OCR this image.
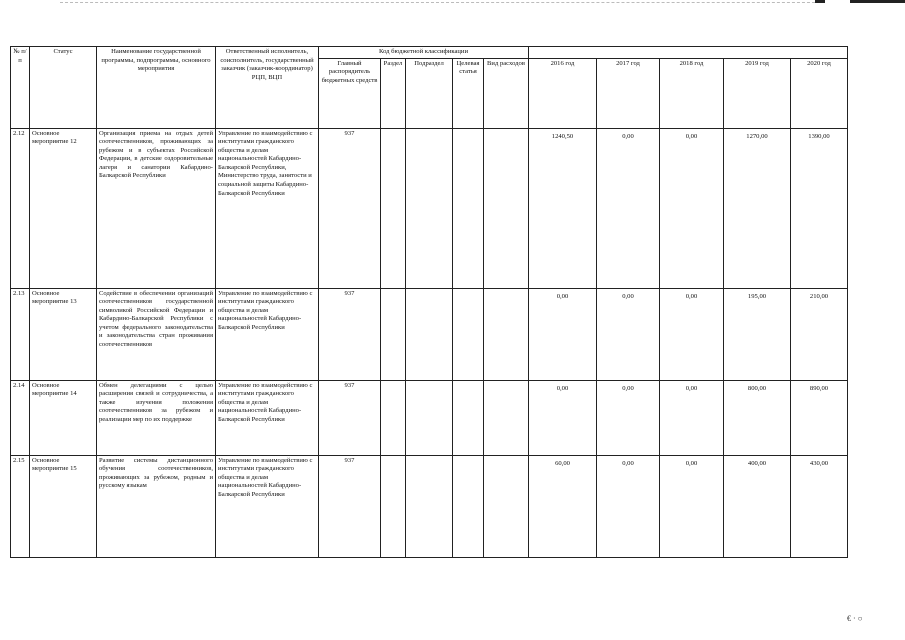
№ п/п	Статус	Наименование государственной программы, подпрограммы, основного мероприятия	Ответственный исполнитель, соисполнитель, государственный заказчик (заказчик-координатор) РЦП, ВЦП	Код бюджетной классификации									
				Главный распорядитель бюджетных средств	Раздел	Подраздел	Целевая статья	Вид расходов	2016 год	2017 год	2018 год	2019 год	2020 год
2.12	Основное мероприятие 12	Организация приема на отдых детей соотечественников, проживающих за рубежом и в субъектах Российской Федерации, в детские оздоровительные лагеря и санатории Кабардино-Балкарской Республики	Управление по взаимодействию с институтами гражданского общества и делам национальностей Кабардино-Балкарской Республики, Министерство труда, занятости и социальной защиты Кабардино-Балкарской Республики	937					1240,50	0,00	0,00	1270,00	1390,00
2.13	Основное мероприятие 13	Содействие в обеспечении организаций соотечественников государственной символикой Российской Федерации и Кабардино-Балкарской Республики с учетом федерального законодательства и законодательства стран проживания соотечественников	Управление по взаимодействию с институтами гражданского общества и делам национальностей Кабардино-Балкарской Республики	937					0,00	0,00	0,00	195,00	210,00
2.14	Основное мероприятие 14	Обмен делегациями с целью расширения связей и сотрудничества, а также изучения положения соотечественников за рубежом и реализации мер по их поддержке	Управление по взаимодействию с институтами гражданского общества и делам национальностей Кабардино-Балкарской Республики	937					0,00	0,00	0,00	800,00	890,00
2.15	Основное мероприятие 15	Развитие системы дистанционного обучения соотечественников, проживающих за рубежом, родным и русскому языкам	Управление по взаимодействию с институтами гражданского общества и делам национальностей Кабардино-Балкарской Республики	937					60,00	0,00	0,00	400,00	430,00
€ · ○
